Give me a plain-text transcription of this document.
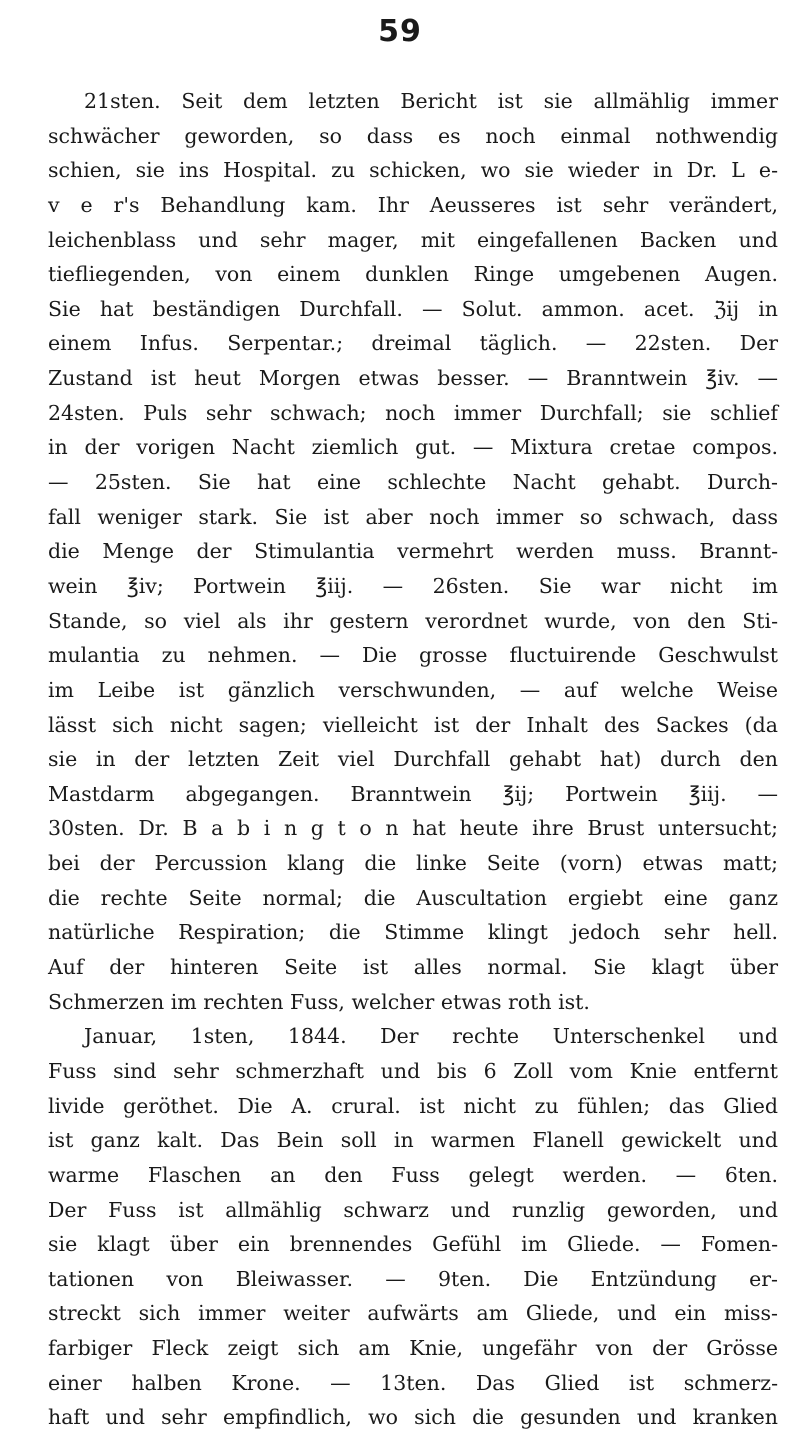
59
21sten. Seit dem letzten Bericht ist sie allmählig immer
schwächer geworden, so dass es noch einmal nothwendig
schien, sie ins Hospital. zu schicken, wo sie wieder in Dr. L e-
v e r's Behandlung kam. Ihr Aeusseres ist sehr verändert,
leichenblass und sehr mager, mit eingefallenen Backen und
tiefliegenden, von einem dunklen Ringe umgebenen Augen.
Sie hat beständigen Durchfall. — Solut. ammon. acet. ℨij in
einem Infus. Serpentar.; dreimal täglich. — 22sten. Der
Zustand ist heut Morgen etwas besser. — Branntwein ℥iv. —
24sten. Puls sehr schwach; noch immer Durchfall; sie schlief
in der vorigen Nacht ziemlich gut. — Mixtura cretae compos.
— 25sten. Sie hat eine schlechte Nacht gehabt. Durch-
fall weniger stark. Sie ist aber noch immer so schwach, dass
die Menge der Stimulantia vermehrt werden muss. Brannt-
wein ℥iv; Portwein ℥iij. — 26sten. Sie war nicht im
Stande, so viel als ihr gestern verordnet wurde, von den Sti-
mulantia zu nehmen. — Die grosse fluctuirende Geschwulst
im Leibe ist gänzlich verschwunden, — auf welche Weise
lässt sich nicht sagen; vielleicht ist der Inhalt des Sackes (da
sie in der letzten Zeit viel Durchfall gehabt hat) durch den
Mastdarm abgegangen. Branntwein ℥ij; Portwein ℥iij. —
30sten. Dr. B a b i n g t o n hat heute ihre Brust untersucht;
bei der Percussion klang die linke Seite (vorn) etwas matt;
die rechte Seite normal; die Auscultation ergiebt eine ganz
natürliche Respiration; die Stimme klingt jedoch sehr hell.
Auf der hinteren Seite ist alles normal. Sie klagt über
Schmerzen im rechten Fuss, welcher etwas roth ist.
Januar, 1sten, 1844. Der rechte Unterschenkel und
Fuss sind sehr schmerzhaft und bis 6 Zoll vom Knie entfernt
livide geröthet. Die A. crural. ist nicht zu fühlen; das Glied
ist ganz kalt. Das Bein soll in warmen Flanell gewickelt und
warme Flaschen an den Fuss gelegt werden. — 6ten.
Der Fuss ist allmählig schwarz und runzlig geworden, und
sie klagt über ein brennendes Gefühl im Gliede. — Fomen-
tationen von Bleiwasser. — 9ten. Die Entzündung er-
streckt sich immer weiter aufwärts am Gliede, und ein miss-
farbiger Fleck zeigt sich am Knie, ungefähr von der Grösse
einer halben Krone. — 13ten. Das Glied ist schmerz-
haft und sehr empfindlich, wo sich die gesunden und kranken
